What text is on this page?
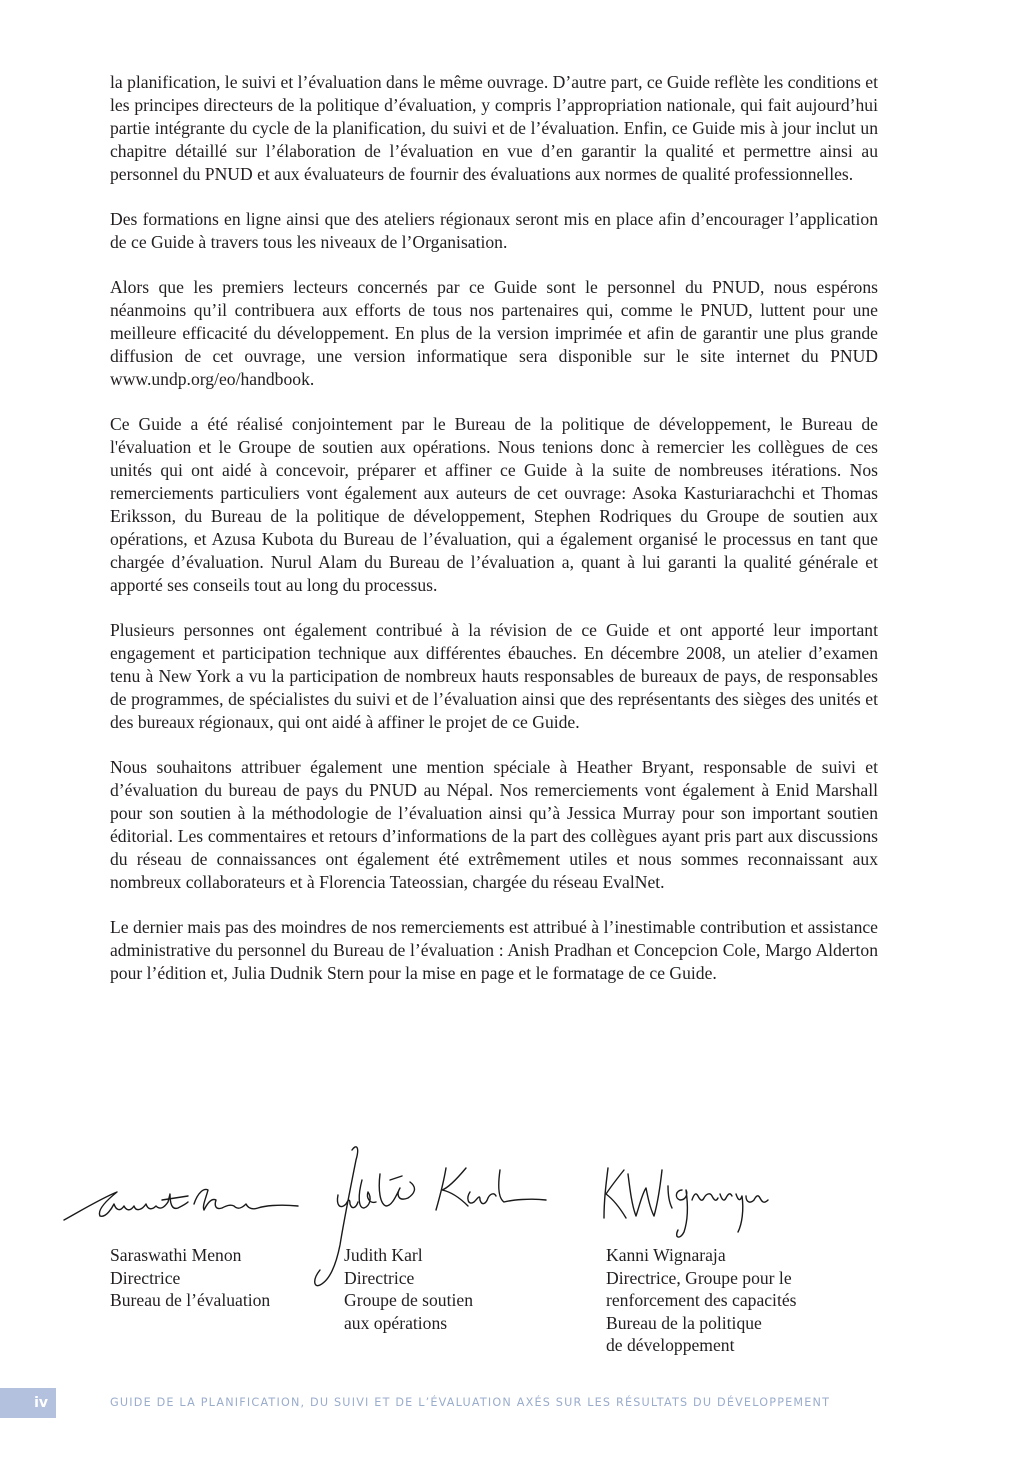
la planification, le suivi et l’évaluation dans le même ouvrage. D’autre part, ce Guide reflète les conditions et les principes directeurs de la politique d’évaluation, y compris l’appropriation nationale, qui fait aujourd’hui partie intégrante du cycle de la planification, du suivi et de l’évaluation. Enfin, ce Guide mis à jour inclut un chapitre détaillé sur l’élaboration de l’évaluation en vue d’en garantir la qualité et permettre ainsi au personnel du PNUD et aux évaluateurs de fournir des évaluations aux normes de qualité professionnelles.

Des formations en ligne ainsi que des ateliers régionaux seront mis en place afin d’encourager l’application de ce Guide à travers tous les niveaux de l’Organisation.

Alors que les premiers lecteurs concernés par ce Guide sont le personnel du PNUD, nous espérons néanmoins qu’il contribuera aux efforts de tous nos partenaires qui, comme le PNUD, luttent pour une meilleure efficacité du développement. En plus de la version imprimée et afin de garantir une plus grande diffusion de cet ouvrage, une version informatique sera disponible sur le site internet du PNUD www.undp.org/eo/handbook.

Ce Guide a été réalisé conjointement par le Bureau de la politique de développement, le Bureau de l'évaluation et le Groupe de soutien aux opérations. Nous tenions donc à remercier les collègues de ces unités qui ont aidé à concevoir, préparer et affiner ce Guide à la suite de nombreuses itérations. Nos remerciements particuliers vont également aux auteurs de cet ouvrage: Asoka Kasturiarachchi et Thomas Eriksson, du Bureau de la politique de développement, Stephen Rodriques du Groupe de soutien aux opérations, et Azusa Kubota du Bureau de l’évaluation, qui a également organisé le processus en tant que chargée d’évaluation. Nurul Alam du Bureau de l’évaluation a, quant à lui garanti la qualité générale et apporté ses conseils tout au long du processus.

Plusieurs personnes ont également contribué à la révision de ce Guide et ont apporté leur important engagement et participation technique aux différentes ébauches. En décembre 2008, un atelier d’examen tenu à New York a vu la participation de nombreux hauts responsables de bureaux de pays, de responsables de programmes, de spécialistes du suivi et de l’évaluation ainsi que des représentants des sièges des unités et des bureaux régionaux, qui ont aidé à affiner le projet de ce Guide.

Nous souhaitons attribuer également une mention spéciale à Heather Bryant, responsable de suivi et d’évaluation du bureau de pays du PNUD au Népal. Nos remerciements vont également à Enid Marshall pour son soutien à la méthodologie de l’évaluation ainsi qu’à Jessica Murray pour son important soutien éditorial. Les commentaires et retours d’informations de la part des collègues ayant pris part aux discussions du réseau de connaissances ont également été extrêmement utiles et nous sommes reconnaissant aux nombreux collaborateurs et à Florencia Tateossian, chargée du réseau EvalNet.

Le dernier mais pas des moindres de nos remerciements est attribué à l’inestimable contribution et assistance administrative du personnel du Bureau de l’évaluation : Anish Pradhan et Concepcion Cole, Margo Alderton pour l’édition et, Julia Dudnik Stern pour la mise en page et le formatage de ce Guide.

Saraswathi Menon
Directrice
Bureau de l’évaluation
Judith Karl
Directrice
Groupe de soutien
aux opérations
Kanni Wignaraja
Directrice, Groupe pour le
renforcement des capacités
Bureau de la politique
de développement
iv	GUIDE DE LA PLANIFICATION, DU SUIVI ET DE L’ÉVALUATION AXÉS SUR LES RÉSULTATS DU DÉVELOPPEMENT
